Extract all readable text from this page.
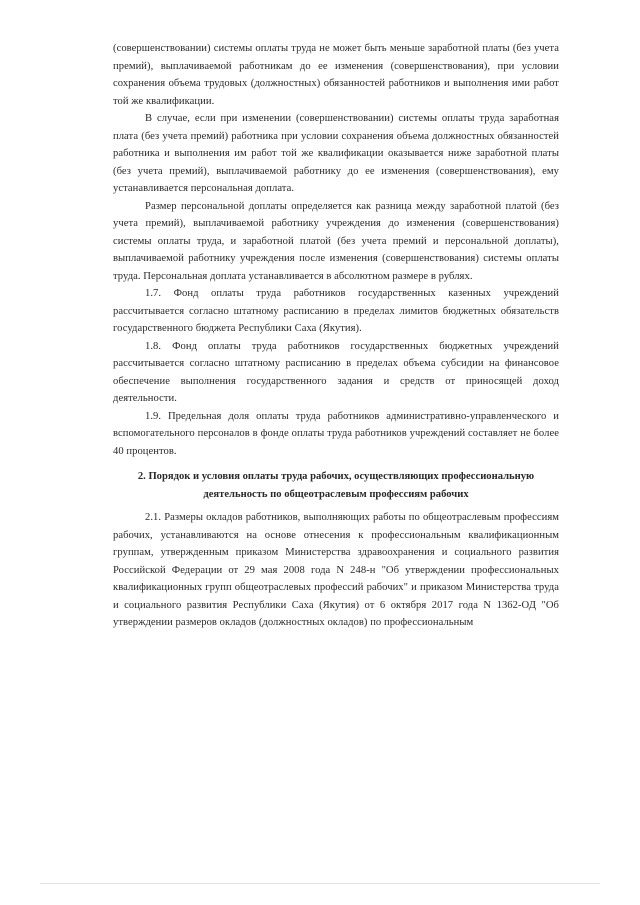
(совершенствовании) системы оплаты труда не может быть меньше заработной платы (без учета премий), выплачиваемой работникам до ее изменения (совершенствования), при условии сохранения объема трудовых (должностных) обязанностей работников и выполнения ими работ той же квалификации.

В случае, если при изменении (совершенствовании) системы оплаты труда заработная плата (без учета премий) работника при условии сохранения объема должностных обязанностей работника и выполнения им работ той же квалификации оказывается ниже заработной платы (без учета премий), выплачиваемой работнику до ее изменения (совершенствования), ему устанавливается персональная доплата.

Размер персональной доплаты определяется как разница между заработной платой (без учета премий), выплачиваемой работнику учреждения до изменения (совершенствования) системы оплаты труда, и заработной платой (без учета премий и персональной доплаты), выплачиваемой работнику учреждения после изменения (совершенствования) системы оплаты труда. Персональная доплата устанавливается в абсолютном размере в рублях.

1.7. Фонд оплаты труда работников государственных казенных учреждений рассчитывается согласно штатному расписанию в пределах лимитов бюджетных обязательств государственного бюджета Республики Саха (Якутия).

1.8. Фонд оплаты труда работников государственных бюджетных учреждений рассчитывается согласно штатному расписанию в пределах объема субсидии на финансовое обеспечение выполнения государственного задания и средств от приносящей доход деятельности.

1.9. Предельная доля оплаты труда работников административно-управленческого и вспомогательного персоналов в фонде оплаты труда работников учреждений составляет не более 40 процентов.

2. Порядок и условия оплаты труда рабочих, осуществляющих профессиональную деятельность по общеотраслевым профессиям рабочих

2.1. Размеры окладов работников, выполняющих работы по общеотраслевым профессиям рабочих, устанавливаются на основе отнесения к профессиональным квалификационным группам, утвержденным приказом Министерства здравоохранения и социального развития Российской Федерации от 29 мая 2008 года N 248-н "Об утверждении профессиональных квалификационных групп общеотраслевых профессий рабочих" и приказом Министерства труда и социального развития Республики Саха (Якутия) от 6 октября 2017 года N 1362-ОД "Об утверждении размеров окладов (должностных окладов) по профессиональным
